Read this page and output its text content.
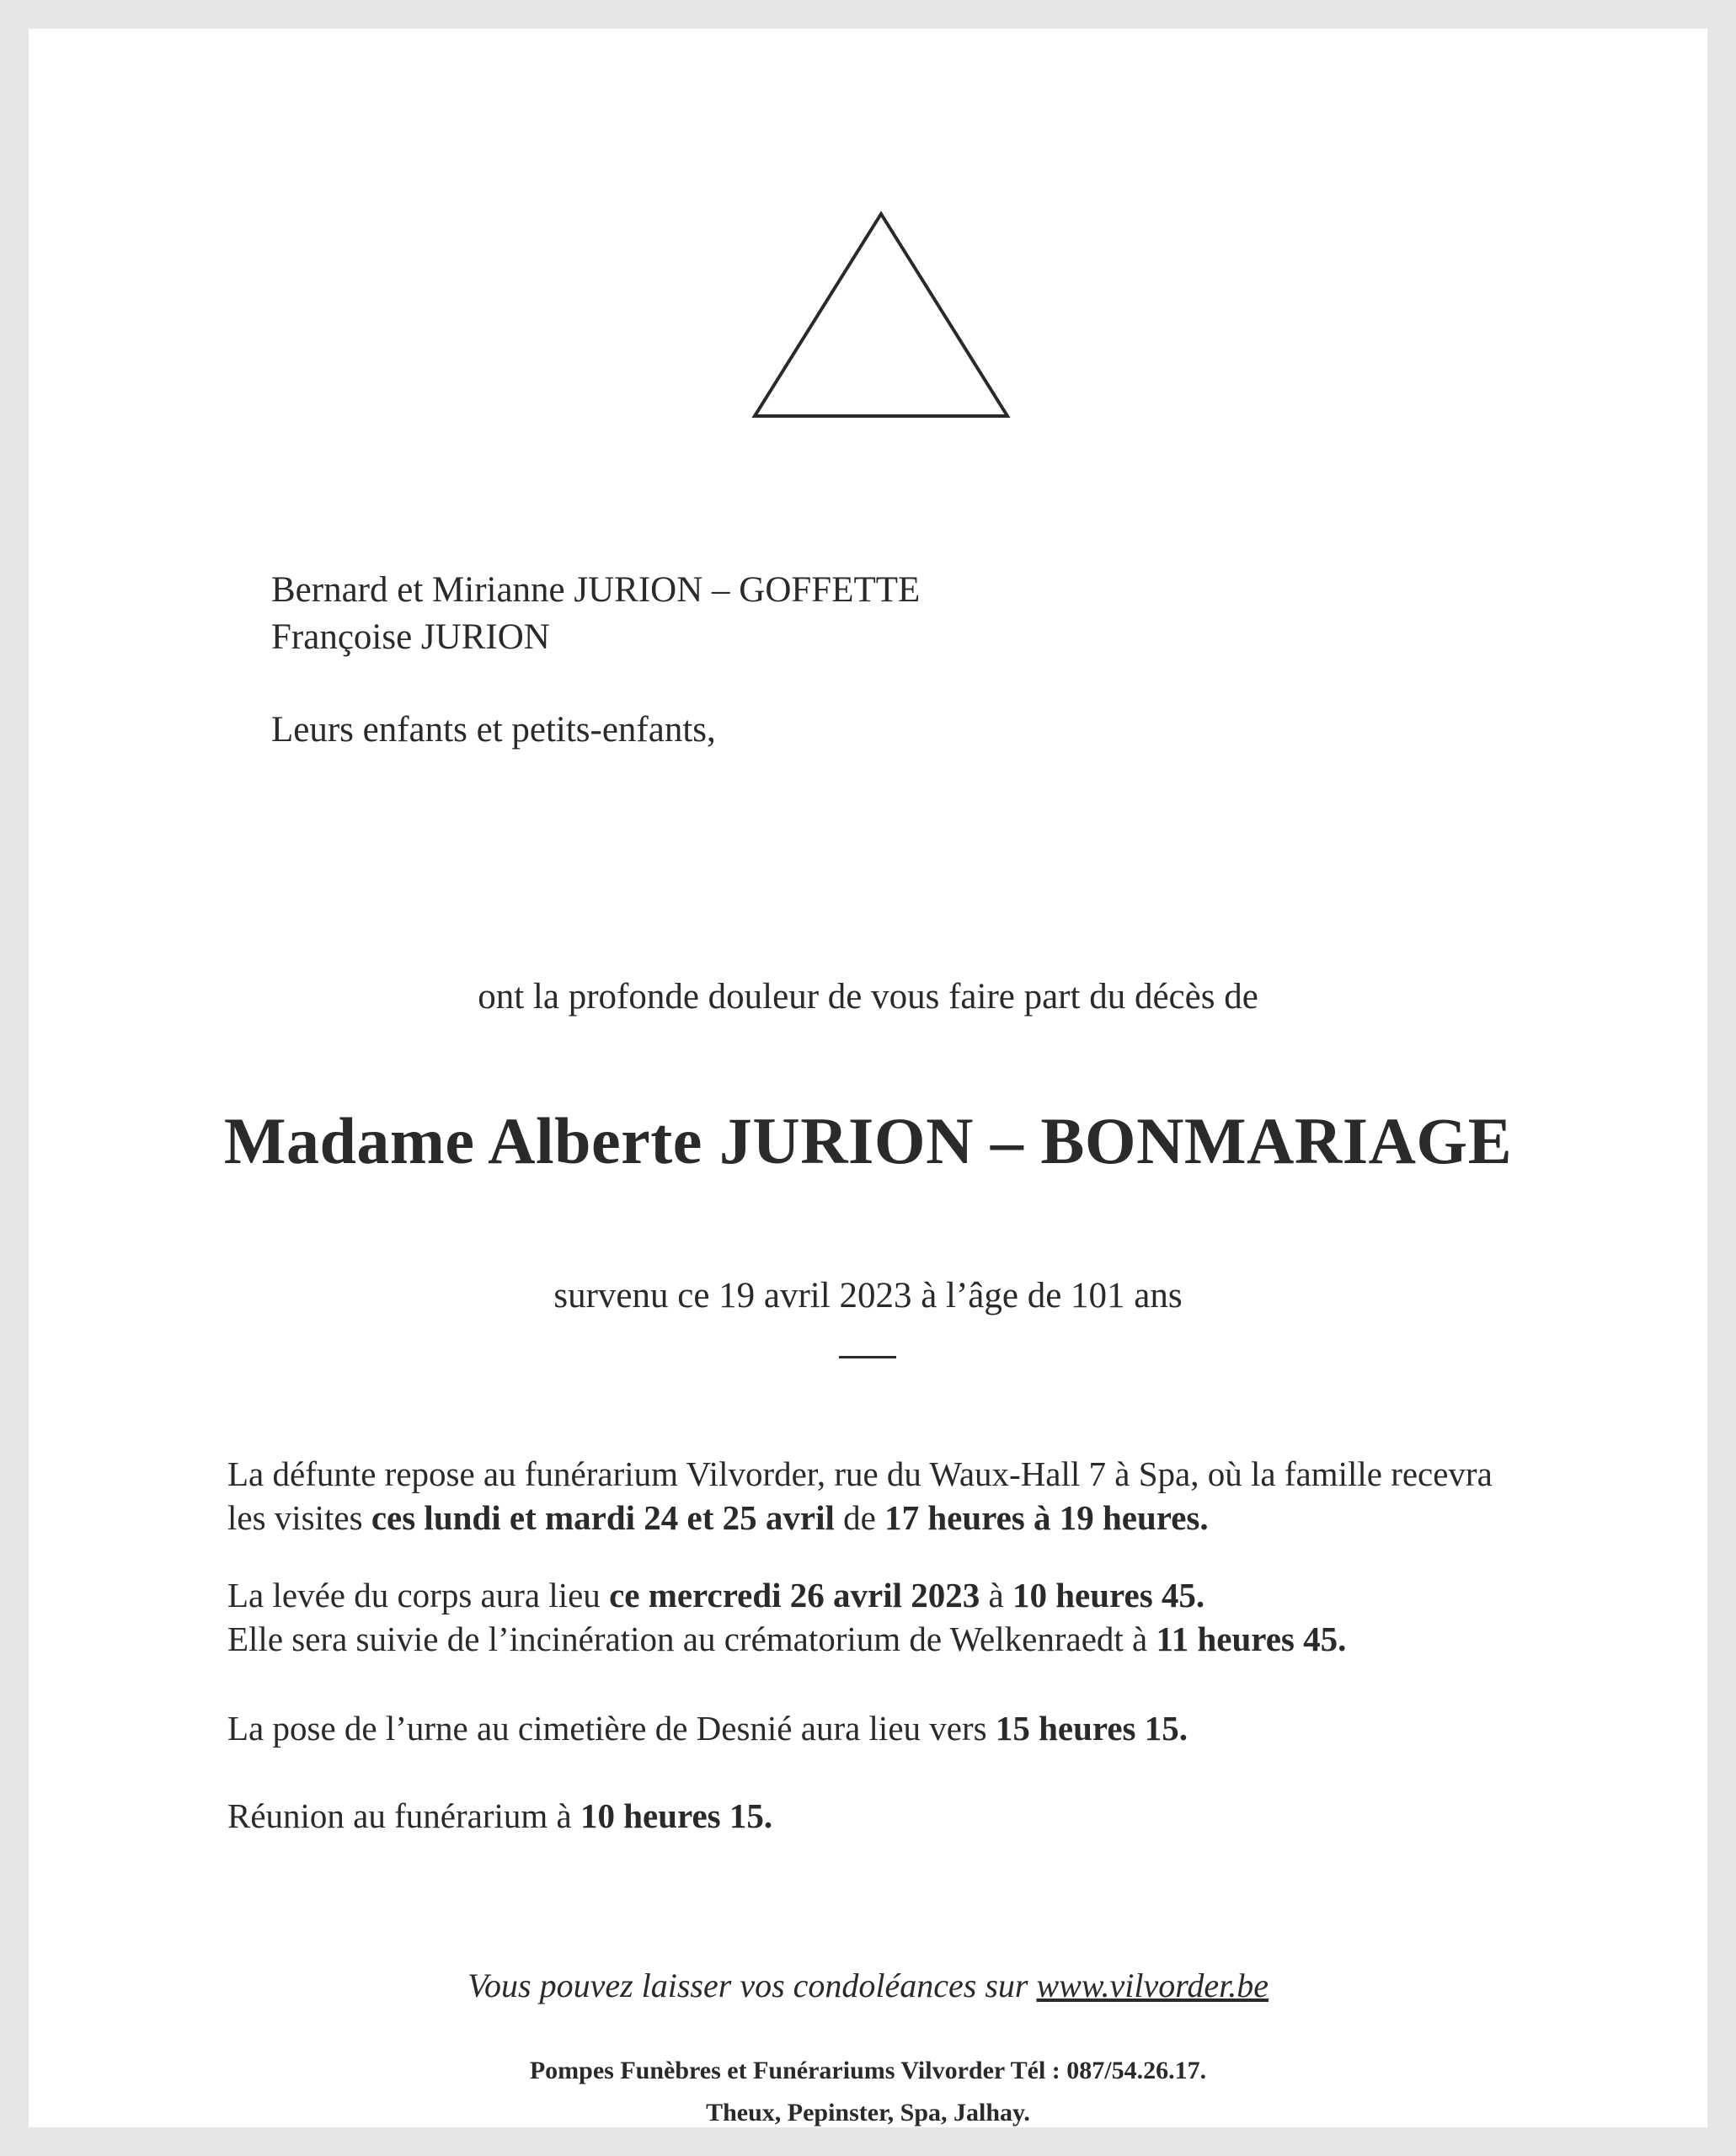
Bernard et Mirianne JURION – GOFFETTE

Françoise JURION

Leurs enfants et petits-enfants,

ont la profonde douleur de vous faire part du décès de

Madame Alberte JURION – BONMARIAGE

survenu ce 19 avril 2023 à l’âge de 101 ans

La défunte repose au funérarium Vilvorder, rue du Waux-Hall 7 à Spa, où la famille recevra

les visites ces lundi et mardi 24 et 25 avril de 17 heures à 19 heures.

La levée du corps aura lieu ce mercredi 26 avril 2023 à 10 heures 45.

Elle sera suivie de l’incinération au crématorium de Welkenraedt à 11 heures 45.

La pose de l’urne au cimetière de Desnié aura lieu vers 15 heures 15.

Réunion au funérarium à 10 heures 15.

Vous pouvez laisser vos condoléances sur www.vilvorder.be

Pompes Funèbres et Funérariums Vilvorder Tél : 087/54.26.17.

Theux, Pepinster, Spa, Jalhay.
